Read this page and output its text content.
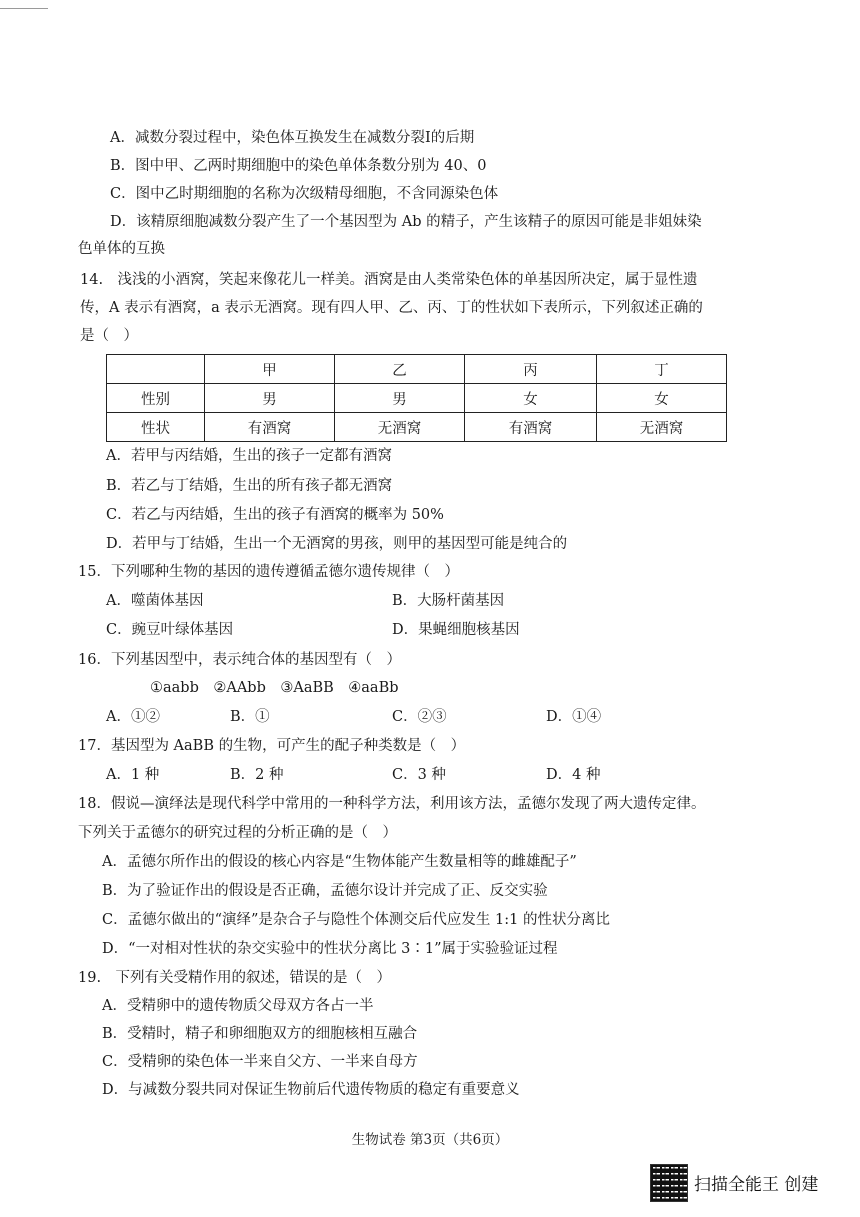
A．减数分裂过程中，染色体互换发生在减数分裂Ⅰ的后期
B．图中甲、乙两时期细胞中的染色单体条数分别为 40、0
C．图中乙时期细胞的名称为次级精母细胞，不含同源染色体
D．该精原细胞减数分裂产生了一个基因型为 Ab 的精子，产生该精子的原因可能是非姐妹染
色单体的互换
14.　浅浅的小酒窝，笑起来像花儿一样美。酒窝是由人类常染色体的单基因所决定，属于显性遗
传，A 表示有酒窝，a 表示无酒窝。现有四人甲、乙、丙、丁的性状如下表所示，下列叙述正确的
是（　）
	甲	乙	丙	丁
性别	男	男	女	女
性状	有酒窝	无酒窝	有酒窝	无酒窝
A．若甲与丙结婚，生出的孩子一定都有酒窝
B．若乙与丁结婚，生出的所有孩子都无酒窝
C．若乙与丙结婚，生出的孩子有酒窝的概率为 50%
D．若甲与丁结婚，生出一个无酒窝的男孩，则甲的基因型可能是纯合的
15．下列哪种生物的基因的遗传遵循孟德尔遗传规律（　）
A．噬菌体基因	B．大肠杆菌基因
C．豌豆叶绿体基因	D．果蝇细胞核基因
16．下列基因型中，表示纯合体的基因型有（　）
①aabb　②AAbb　③AaBB　④aaBb
A．①②	B．①	C．②③	D．①④
17．基因型为 AaBB 的生物，可产生的配子种类数是（　）
A．1 种	B．2 种	C．3 种	D．4 种
18．假说—演绎法是现代科学中常用的一种科学方法，利用该方法，孟德尔发现了两大遗传定律。
下列关于孟德尔的研究过程的分析正确的是（　）
A．孟德尔所作出的假设的核心内容是“生物体能产生数量相等的雌雄配子”
B．为了验证作出的假设是否正确，孟德尔设计并完成了正、反交实验
C．孟德尔做出的“演绎”是杂合子与隐性个体测交后代应发生 1:1 的性状分离比
D．“一对相对性状的杂交实验中的性状分离比 3∶1”属于实验验证过程
19.　下列有关受精作用的叙述，错误的是（　）
A．受精卵中的遗传物质父母双方各占一半
B．受精时，精子和卵细胞双方的细胞核相互融合
C．受精卵的染色体一半来自父方、一半来自母方
D．与减数分裂共同对保证生物前后代遗传物质的稳定有重要意义
生物试卷 第3页（共6页）
扫描全能王 创建
